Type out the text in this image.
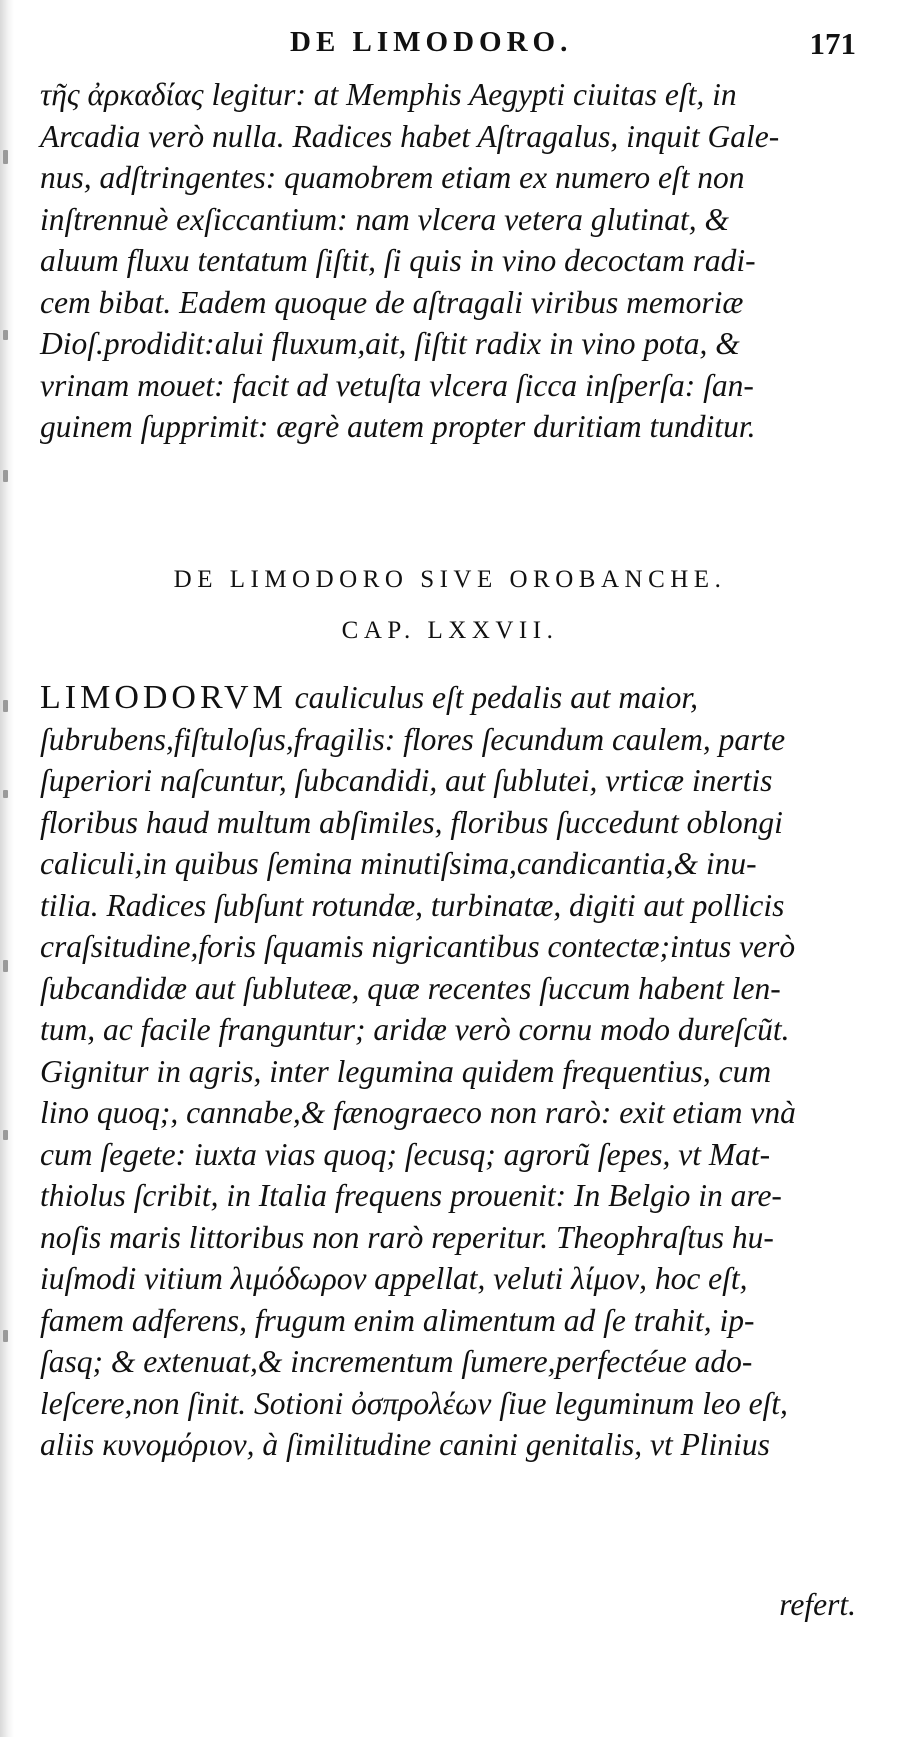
DE LIMODORO.	171
τῆς ἀρκαδίας legitur: at Memphis Aegypti ciuitas eſt, in
Arcadia verò nulla. Radices habet Aſtragalus, inquit Gale-
nus, adſtringentes: quamobrem etiam ex numero eſt non
inſtrennuè exſiccantium: nam vlcera vetera glutinat, &
aluum fluxu tentatum ſiſtit, ſi quis in vino decoctam radi-
cem bibat. Eadem quoque de aſtragali viribus memoriæ
Dioſ.prodidit:alui fluxum,ait, ſiſtit radix in vino pota, &
vrinam mouet: facit ad vetuſta vlcera ſicca inſperſa: ſan-
guinem ſupprimit: ægrè autem propter duritiam tunditur.
DE LIMODORO SIVE OROBANCHE.
CAP. LXXVII.
LIMODORVM cauliculus eſt pedalis aut maior,
ſubrubens,fiſtuloſus,fragilis: flores ſecundum caulem, parte
ſuperiori naſcuntur, ſubcandidi, aut ſublutei, vrticæ inertis
floribus haud multum abſimiles, floribus ſuccedunt oblongi
caliculi,in quibus ſemina minutiſsima,candicantia,& inu-
tilia. Radices ſubſunt rotundæ, turbinatæ, digiti aut pollicis
craſsitudine,foris ſquamis nigricantibus contectæ;intus verò
ſubcandidæ aut ſubluteæ, quæ recentes ſuccum habent len-
tum, ac facile franguntur; aridæ verò cornu modo dureſcũt.
Gignitur in agris, inter legumina quidem frequentius, cum
lino quoq;, cannabe,& fænograeco non rarò: exit etiam vnà
cum ſegete: iuxta vias quoq; ſecusq; agrorũ ſepes, vt Mat-
thiolus ſcribit, in Italia frequens prouenit: In Belgio in are-
noſis maris littoribus non rarò reperitur. Theophraſtus hu-
iuſmodi vitium λιμόδωρον appellat, veluti λίμον, hoc eſt,
famem adferens, frugum enim alimentum ad ſe trahit, ip-
ſasq; & extenuat,& incrementum ſumere,perfectéue ado-
leſcere,non ſinit. Sotioni ὀσπρολέων ſiue leguminum leo eſt,
aliis κυνομόριον, à ſimilitudine canini genitalis, vt Plinius
refert.
